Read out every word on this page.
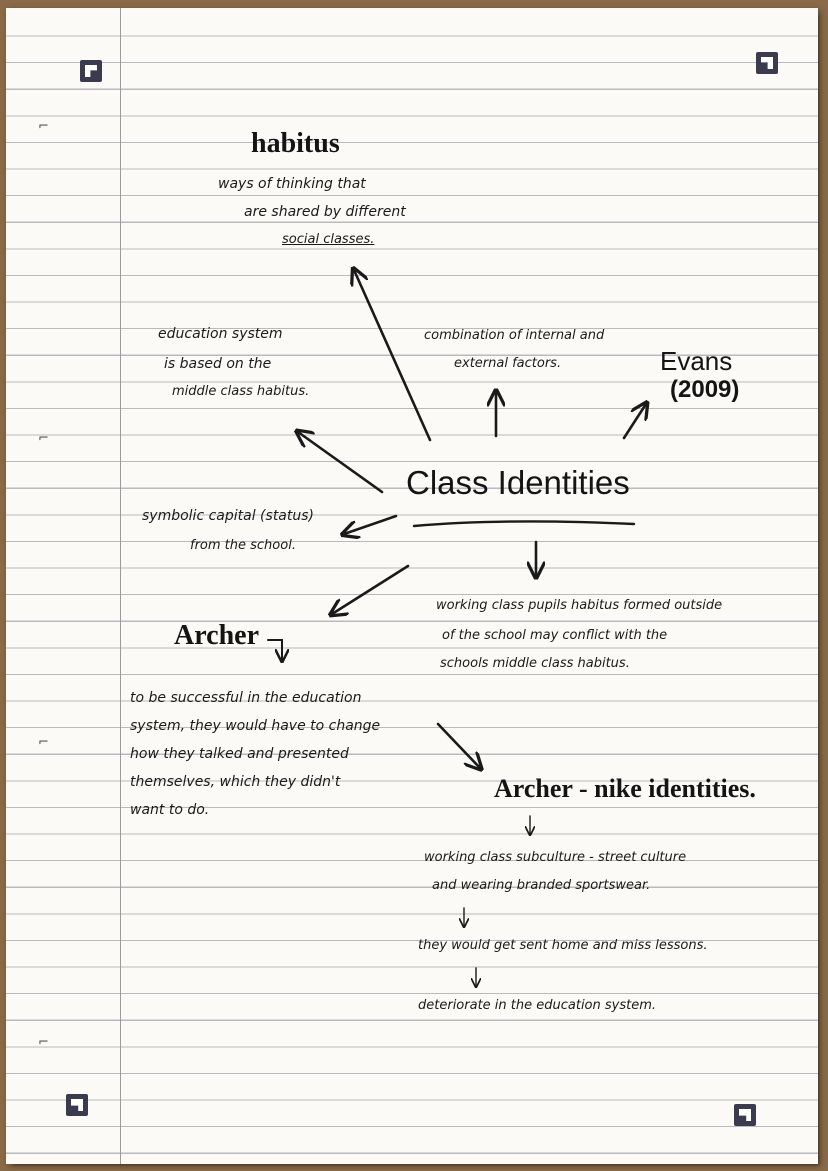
⌐
⌐
⌐
⌐
habitus
ways of thinking that
are shared by different
social classes.
education system
is based on the
middle class habitus.
combination of internal and
external factors.	Evans
(2009)
Class Identities
symbolic capital (status)
from the school.
working class pupils habitus formed outside
of the school may conflict with the
schools middle class habitus.
Archer
to be successful in the education
system, they would have to change
how they talked and presented
themselves, which they didn't
want to do.
Archer - nike identities.
working class subculture - street culture
and wearing branded sportswear.
they would get sent home and miss lessons.
deteriorate in the education system.
